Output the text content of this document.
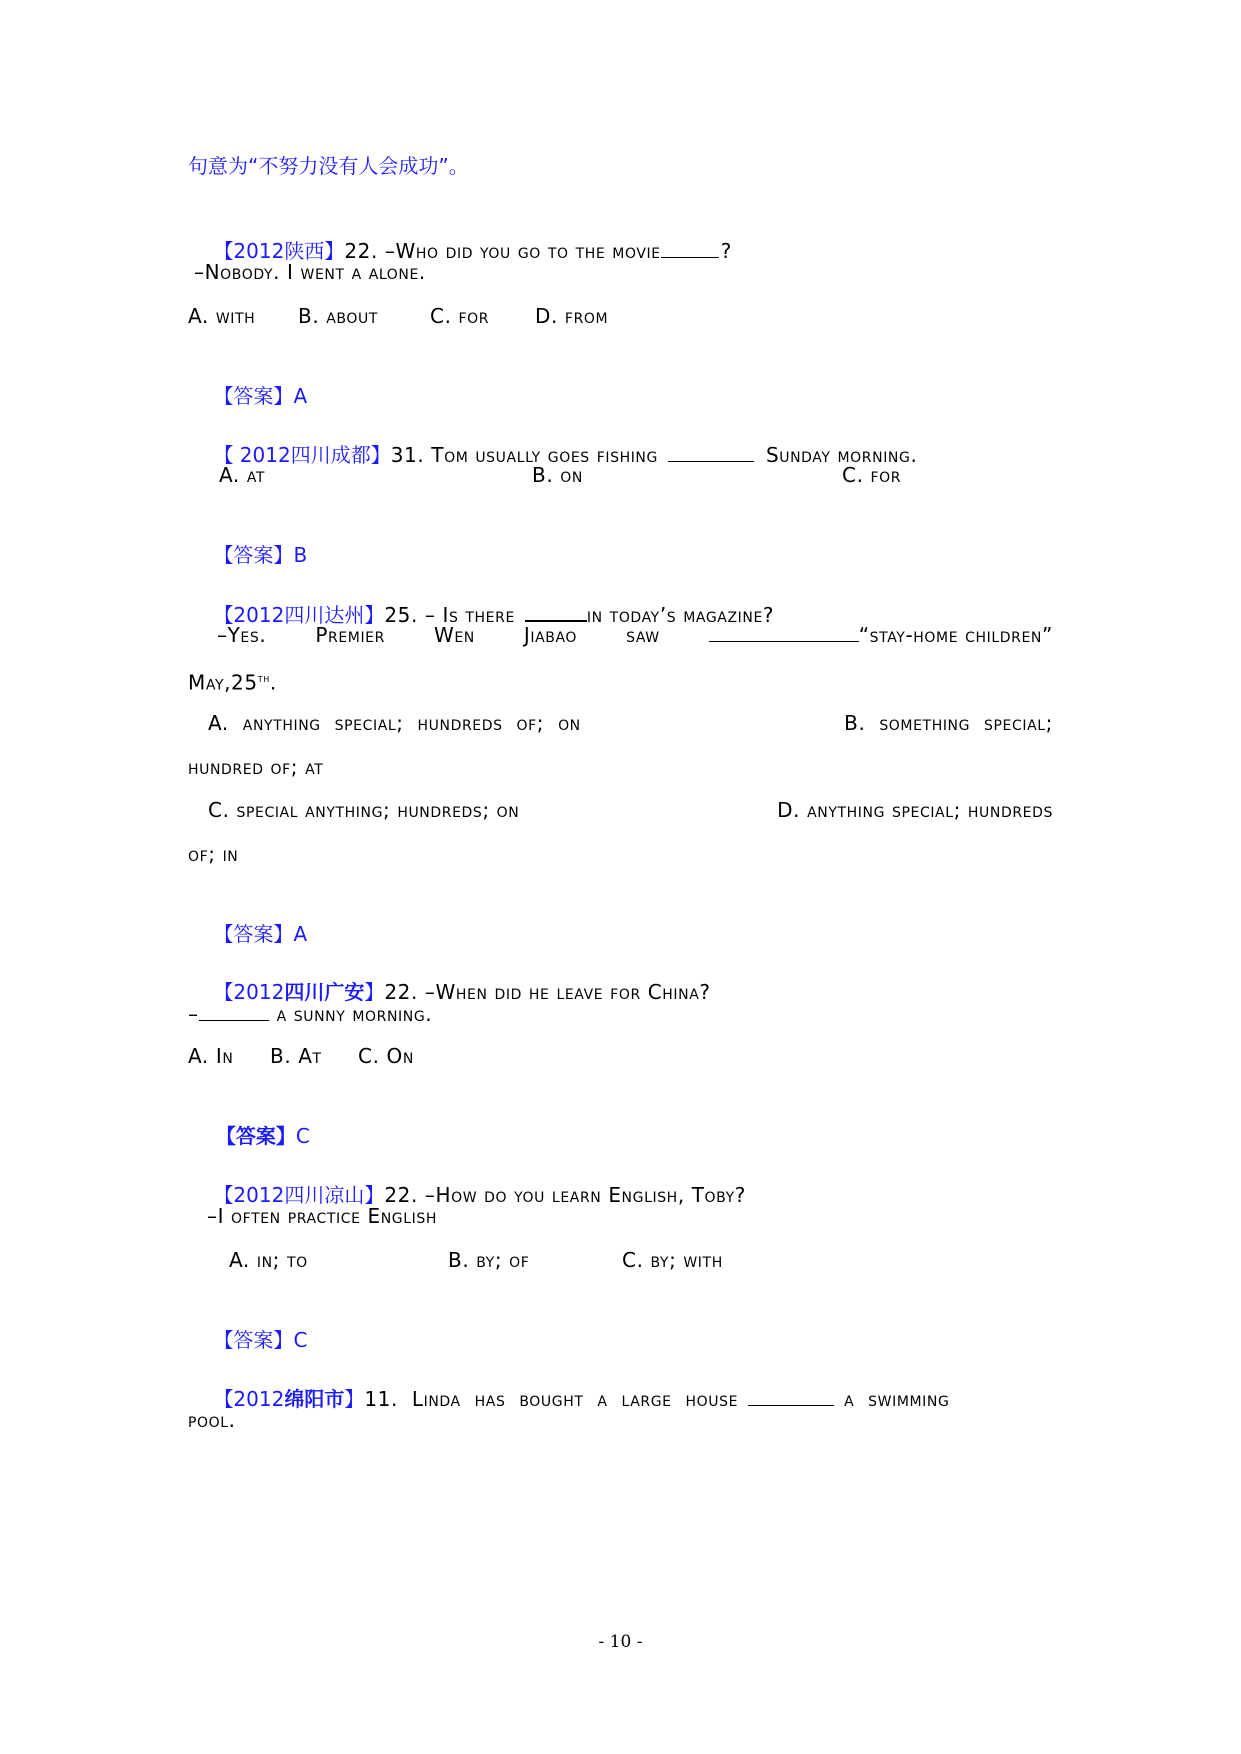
句意为“不努力没有人会成功”。

【2012陕西】22. –Who did you go to the movie	?

–Nobody. I went a alone.
A. with B. about	C. for D. from

【答案】A

【 2012四川成都】31. Tom usually goes fishing	Sunday morning.

A. at	B. on	C. for

【答案】B

【2012四川达州】25. – Is there	in today’s magazine?

–Yes. Premier Wen Jiabao saw	“stay-home children”
May,25th.
A.  anything  special;  hundreds  of;  on	B.  something  special;
hundred of; at
C. special anything; hundreds; on	D. anything special; hundreds
of; in

【答案】A

【2012四川广安】22. –When did he leave for China?

–	a sunny morning.
A. In B. At C. On

【答案】C

【2012四川凉山】22. –How do you learn English, Toby?

–I often practice English
A. in; to	B. by; of	C. by; with

【答案】C

【2012绵阳市】11.  Linda  has  bought  a  large  house	a  swimming

pool.
- 10 -
